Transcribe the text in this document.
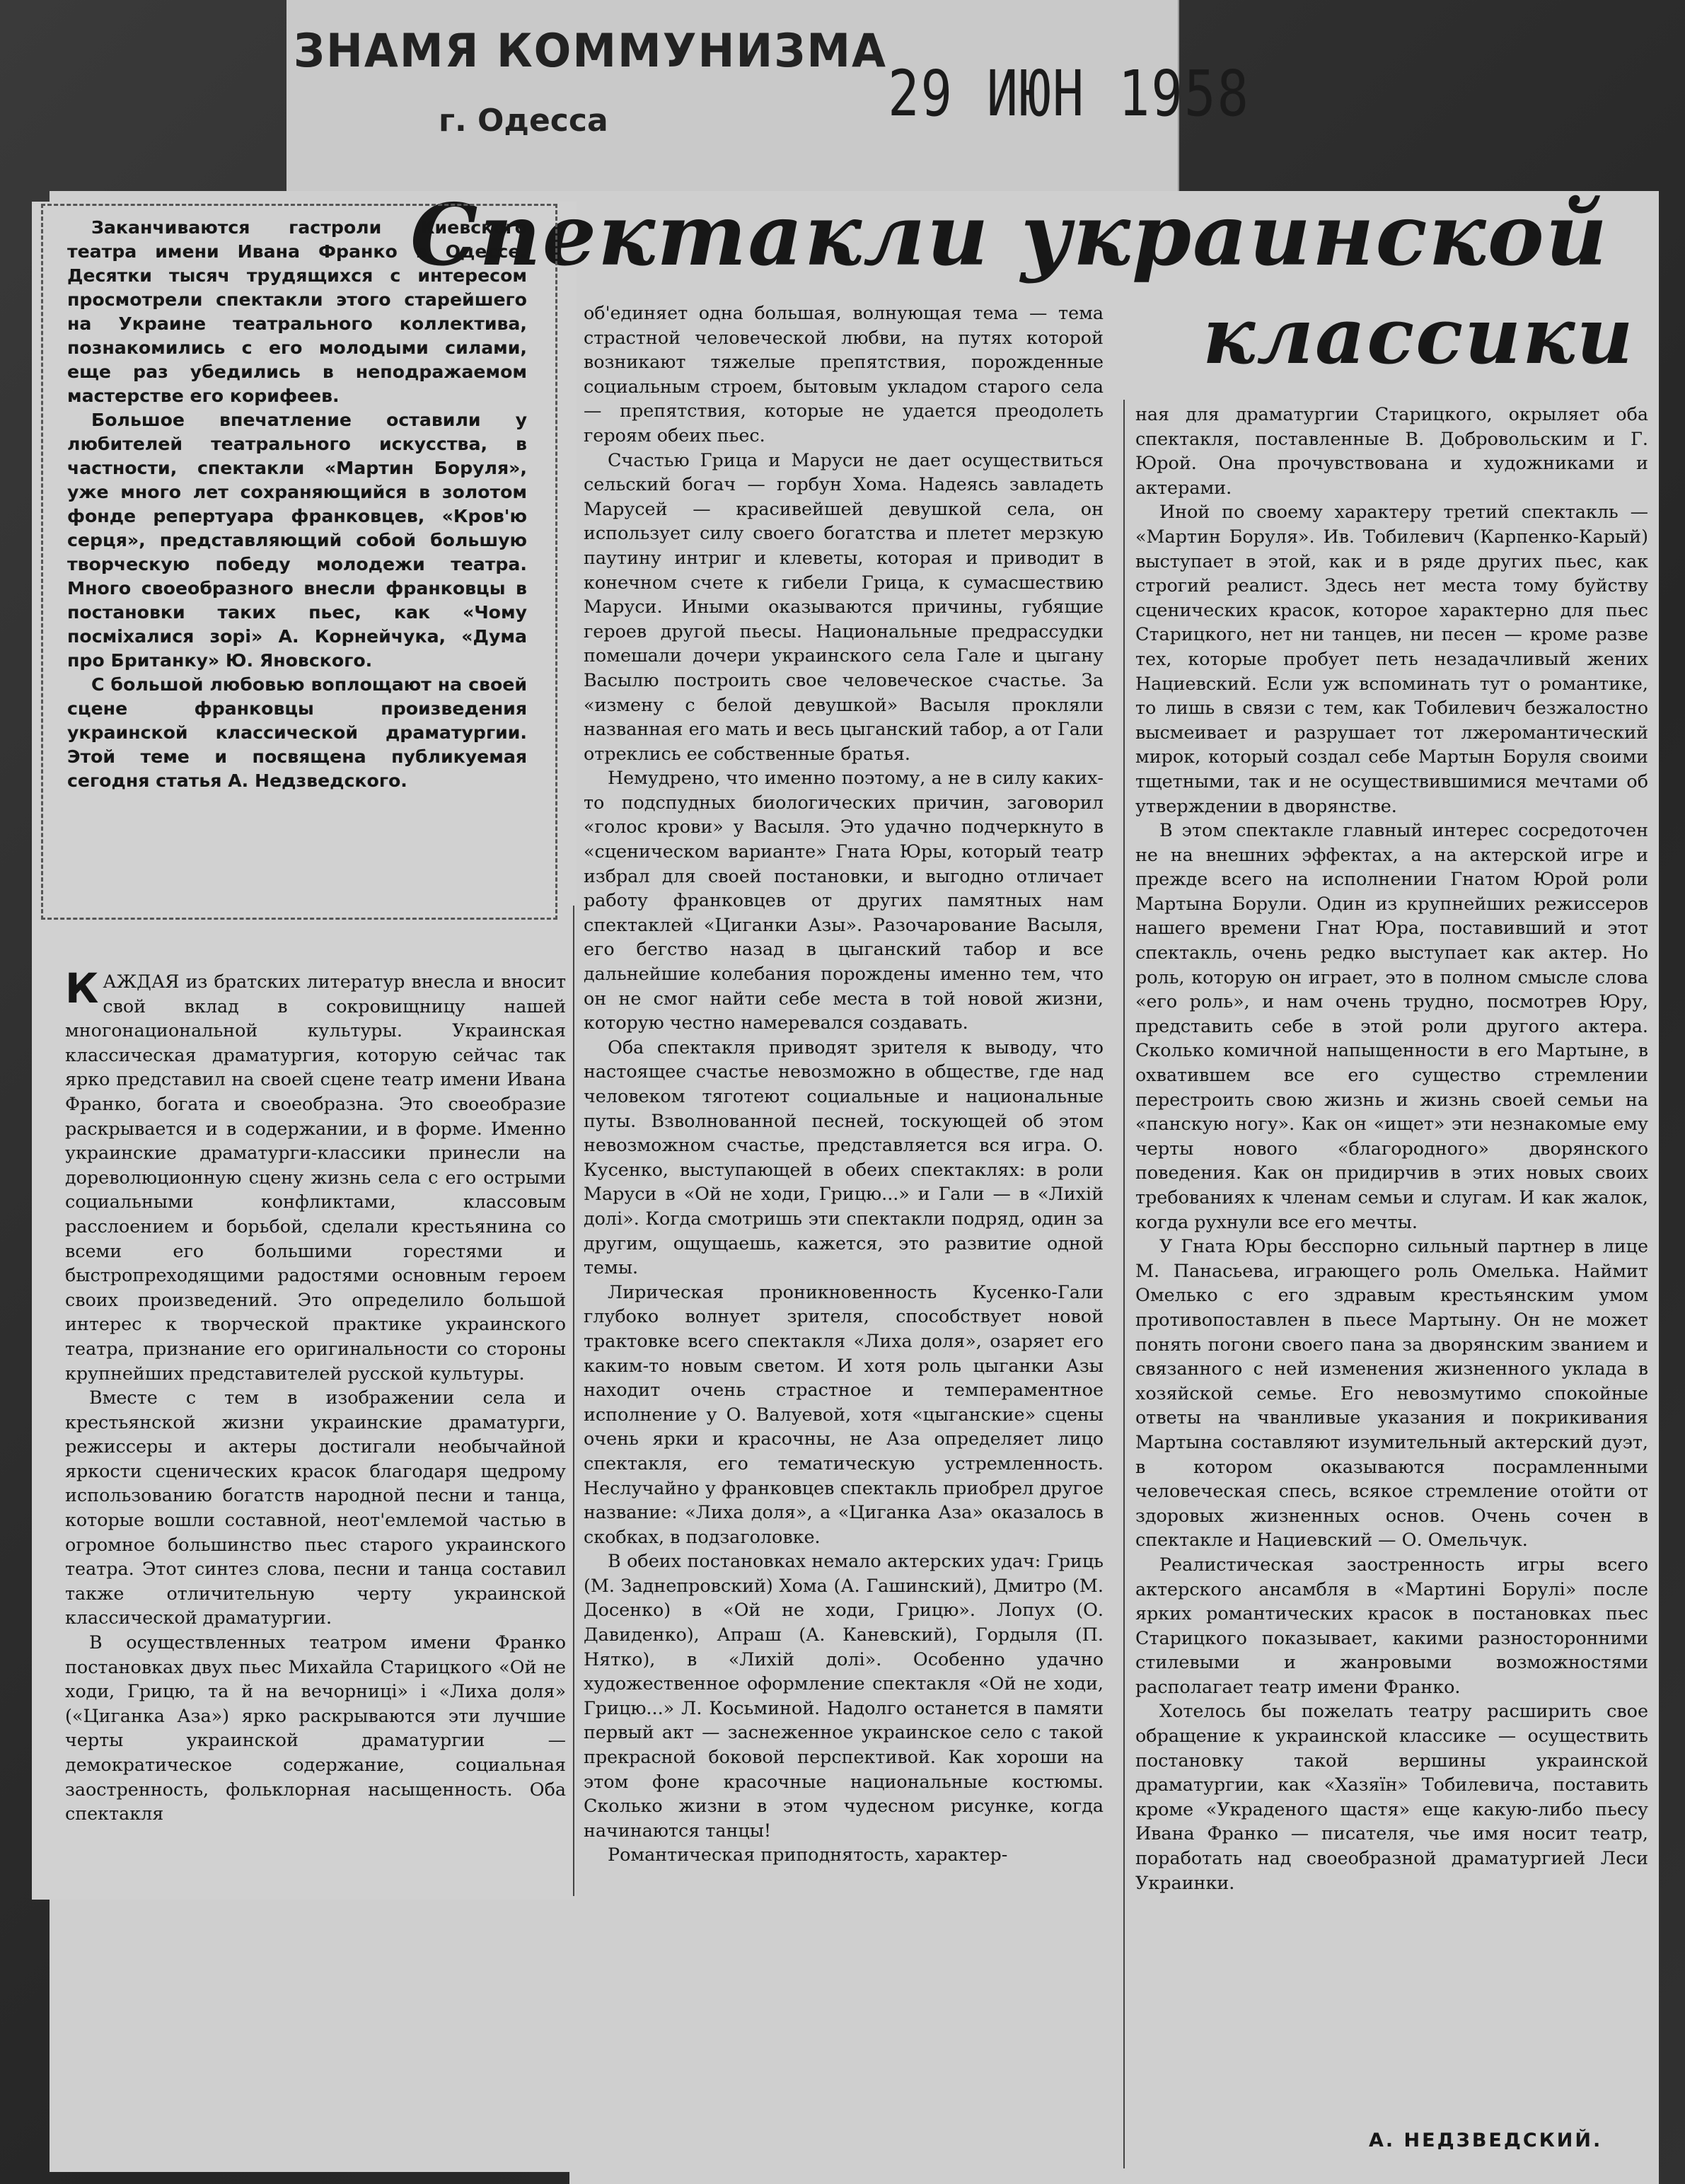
ЗНАМЯ КОММУНИЗМА
г. Одесса	29 ИЮН 1958
Спектакли украинской
классики

Заканчиваются гастроли Киевского театра имени Ивана Франко в Одессе. Десятки тысяч трудящихся с интересом просмотрели спектакли этого старейшего на Украине театрального коллектива, познакомились с его молодыми силами, еще раз убедились в неподражаемом мастерстве его корифеев.

Большое впечатление оставили у любителей театрального искусства, в частности, спектакли «Мартин Боруля», уже много лет сохраняющийся в золотом фонде репертуара франковцев, «Кров'ю серця», представляющий собой большую творческую победу молодежи театра. Много своеобразного внесли франковцы в постановки таких пьес, как «Чому посміхалися зорі» А. Корнейчука, «Дума про Британку» Ю. Яновского.

С большой любовью воплощают на своей сцене франковцы произведения украинской классической драматургии. Этой теме и посвящена публикуемая сегодня статья А. Недзведского.

КАЖДАЯ из братских литератур внесла и вносит свой вклад в сокровищницу нашей многонациональной культуры. Украинская классическая драматургия, которую сейчас так ярко представил на своей сцене театр имени Ивана Франко, богата и своеобразна. Это своеобразие раскрывается и в содержании, и в форме. Именно украинские драматурги-классики принесли на дореволюционную сцену жизнь села с его острыми социальными конфликтами, классовым расслоением и борьбой, сделали крестьянина со всеми его большими горестями и быстропреходящими радостями основным героем своих произведений. Это определило большой интерес к творческой практике украинского театра, признание его оригинальности со стороны крупнейших представителей русской культуры.

Вместе с тем в изображении села и крестьянской жизни украинские драматурги, режиссеры и актеры достигали необычайной яркости сценических красок благодаря щедрому использованию богатств народной песни и танца, которые вошли составной, неот'емлемой частью в огромное большинство пьес старого украинского театра. Этот синтез слова, песни и танца составил также отличительную черту украинской классической драматургии.

В осуществленных театром имени Франко постановках двух пьес Михайла Старицкого «Ой не ходи, Грицю, та й на вечорниці» і «Лиха доля» («Циганка Аза») ярко раскрываются эти лучшие черты украинской драматургии — демократическое содержание, социальная заостренность, фольклорная насыщенность. Оба спектакля

об'единяет одна большая, волнующая тема — тема страстной человеческой любви, на путях которой возникают тяжелые препятствия, порожденные социальным строем, бытовым укладом старого села — препятствия, которые не удается преодолеть героям обеих пьес.

Счастью Грица и Маруси не дает осуществиться сельский богач — горбун Хома. Надеясь завладеть Марусей — красивейшей девушкой села, он использует силу своего богатства и плетет мерзкую паутину интриг и клеветы, которая и приводит в конечном счете к гибели Грица, к сумасшествию Маруси. Иными оказываются причины, губящие героев другой пьесы. Национальные предрассудки помешали дочери украинского села Гале и цыгану Васылю построить свое человеческое счастье. За «измену с белой девушкой» Васыля прокляли названная его мать и весь цыганский табор, а от Гали отреклись ее собственные братья.

Немудрено, что именно поэтому, а не в силу каких-то подспудных биологических причин, заговорил «голос крови» у Васыля. Это удачно подчеркнуто в «сценическом варианте» Гната Юры, который театр избрал для своей постановки, и выгодно отличает работу франковцев от других памятных нам спектаклей «Циганки Азы». Разочарование Васыля, его бегство назад в цыганский табор и все дальнейшие колебания порождены именно тем, что он не смог найти себе места в той новой жизни, которую честно намеревался создавать.

Оба спектакля приводят зрителя к выводу, что настоящее счастье невозможно в обществе, где над человеком тяготеют социальные и национальные путы. Взволнованной песней, тоскующей об этом невозможном счастье, представляется вся игра. О. Кусенко, выступающей в обеих спектаклях: в роли Маруси в «Ой не ходи, Грицю...» и Гали — в «Лихій долі». Когда смотришь эти спектакли подряд, один за другим, ощущаешь, кажется, это развитие одной темы.

Лирическая проникновенность Кусенко-Гали глубоко волнует зрителя, способствует новой трактовке всего спектакля «Лиха доля», озаряет его каким-то новым светом. И хотя роль цыганки Азы находит очень страстное и темпераментное исполнение у О. Валуевой, хотя «цыганские» сцены очень ярки и красочны, не Аза определяет лицо спектакля, его тематическую устремленность. Неслучайно у франковцев спектакль приобрел другое название: «Лиха доля», а «Циганка Аза» оказалось в скобках, в подзаголовке.

В обеих постановках немало актерских удач: Гриць (М. Заднепровский) Хома (А. Гашинский), Дмитро (М. Досенко) в «Ой не ходи, Грицю». Лопух (О. Давиденко), Апраш (А. Каневский), Гордыля (П. Нятко), в «Лихій долі». Особенно удачно художественное оформление спектакля «Ой не ходи, Грицю...» Л. Косьминой. Надолго останется в памяти первый акт — заснеженное украинское село с такой прекрасной боковой перспективой. Как хороши на этом фоне красочные национальные костюмы. Сколько жизни в этом чудесном рисунке, когда начинаются танцы!

Романтическая приподнятость, характер-

ная для драматургии Старицкого, окрыляет оба спектакля, поставленные В. Добровольским и Г. Юрой. Она прочувствована и художниками и актерами.

Иной по своему характеру третий спектакль — «Мартин Боруля». Ив. Тобилевич (Карпенко-Карый) выступает в этой, как и в ряде других пьес, как строгий реалист. Здесь нет места тому буйству сценических красок, которое характерно для пьес Старицкого, нет ни танцев, ни песен — кроме разве тех, которые пробует петь незадачливый жених Нациевский. Если уж вспоминать тут о романтике, то лишь в связи с тем, как Тобилевич безжалостно высмеивает и разрушает тот лжеромантический мирок, который создал себе Мартын Боруля своими тщетными, так и не осуществившимися мечтами об утверждении в дворянстве.

В этом спектакле главный интерес сосредоточен не на внешних эффектах, а на актерской игре и прежде всего на исполнении Гнатом Юрой роли Мартына Борули. Один из крупнейших режиссеров нашего времени Гнат Юра, поставивший и этот спектакль, очень редко выступает как актер. Но роль, которую он играет, это в полном смысле слова «его роль», и нам очень трудно, посмотрев Юру, представить себе в этой роли другого актера. Сколько комичной напыщенности в его Мартыне, в охватившем все его существо стремлении перестроить свою жизнь и жизнь своей семьи на «панскую ногу». Как он «ищет» эти незнакомые ему черты нового «благородного» дворянского поведения. Как он придирчив в этих новых своих требованиях к членам семьи и слугам. И как жалок, когда рухнули все его мечты.

У Гната Юры бесспорно сильный партнер в лице М. Панасьева, играющего роль Омелька. Наймит Омелько с его здравым крестьянским умом противопоставлен в пьесе Мартыну. Он не может понять погони своего пана за дворянским званием и связанного с ней изменения жизненного уклада в хозяйской семье. Его невозмутимо спокойные ответы на чванливые указания и покрикивания Мартына составляют изумительный актерский дуэт, в котором оказываются посрамленными человеческая спесь, всякое стремление отойти от здоровых жизненных основ. Очень сочен в спектакле и Нациевский — О. Омельчук.

Реалистическая заостренность игры всего актерского ансамбля в «Мартині Борулі» после ярких романтических красок в постановках пьес Старицкого показывает, какими разносторонними стилевыми и жанровыми возможностями располагает театр имени Франко.

Хотелось бы пожелать театру расширить свое обращение к украинской классике — осуществить постановку такой вершины украинской драматургии, как «Хазяїн» Тобилевича, поставить кроме «Украденого щастя» еще какую-либо пьесу Ивана Франко — писателя, чье имя носит театр, поработать над своеобразной драматургией Леси Украинки.

А. НЕДЗВЕДСКИЙ.
